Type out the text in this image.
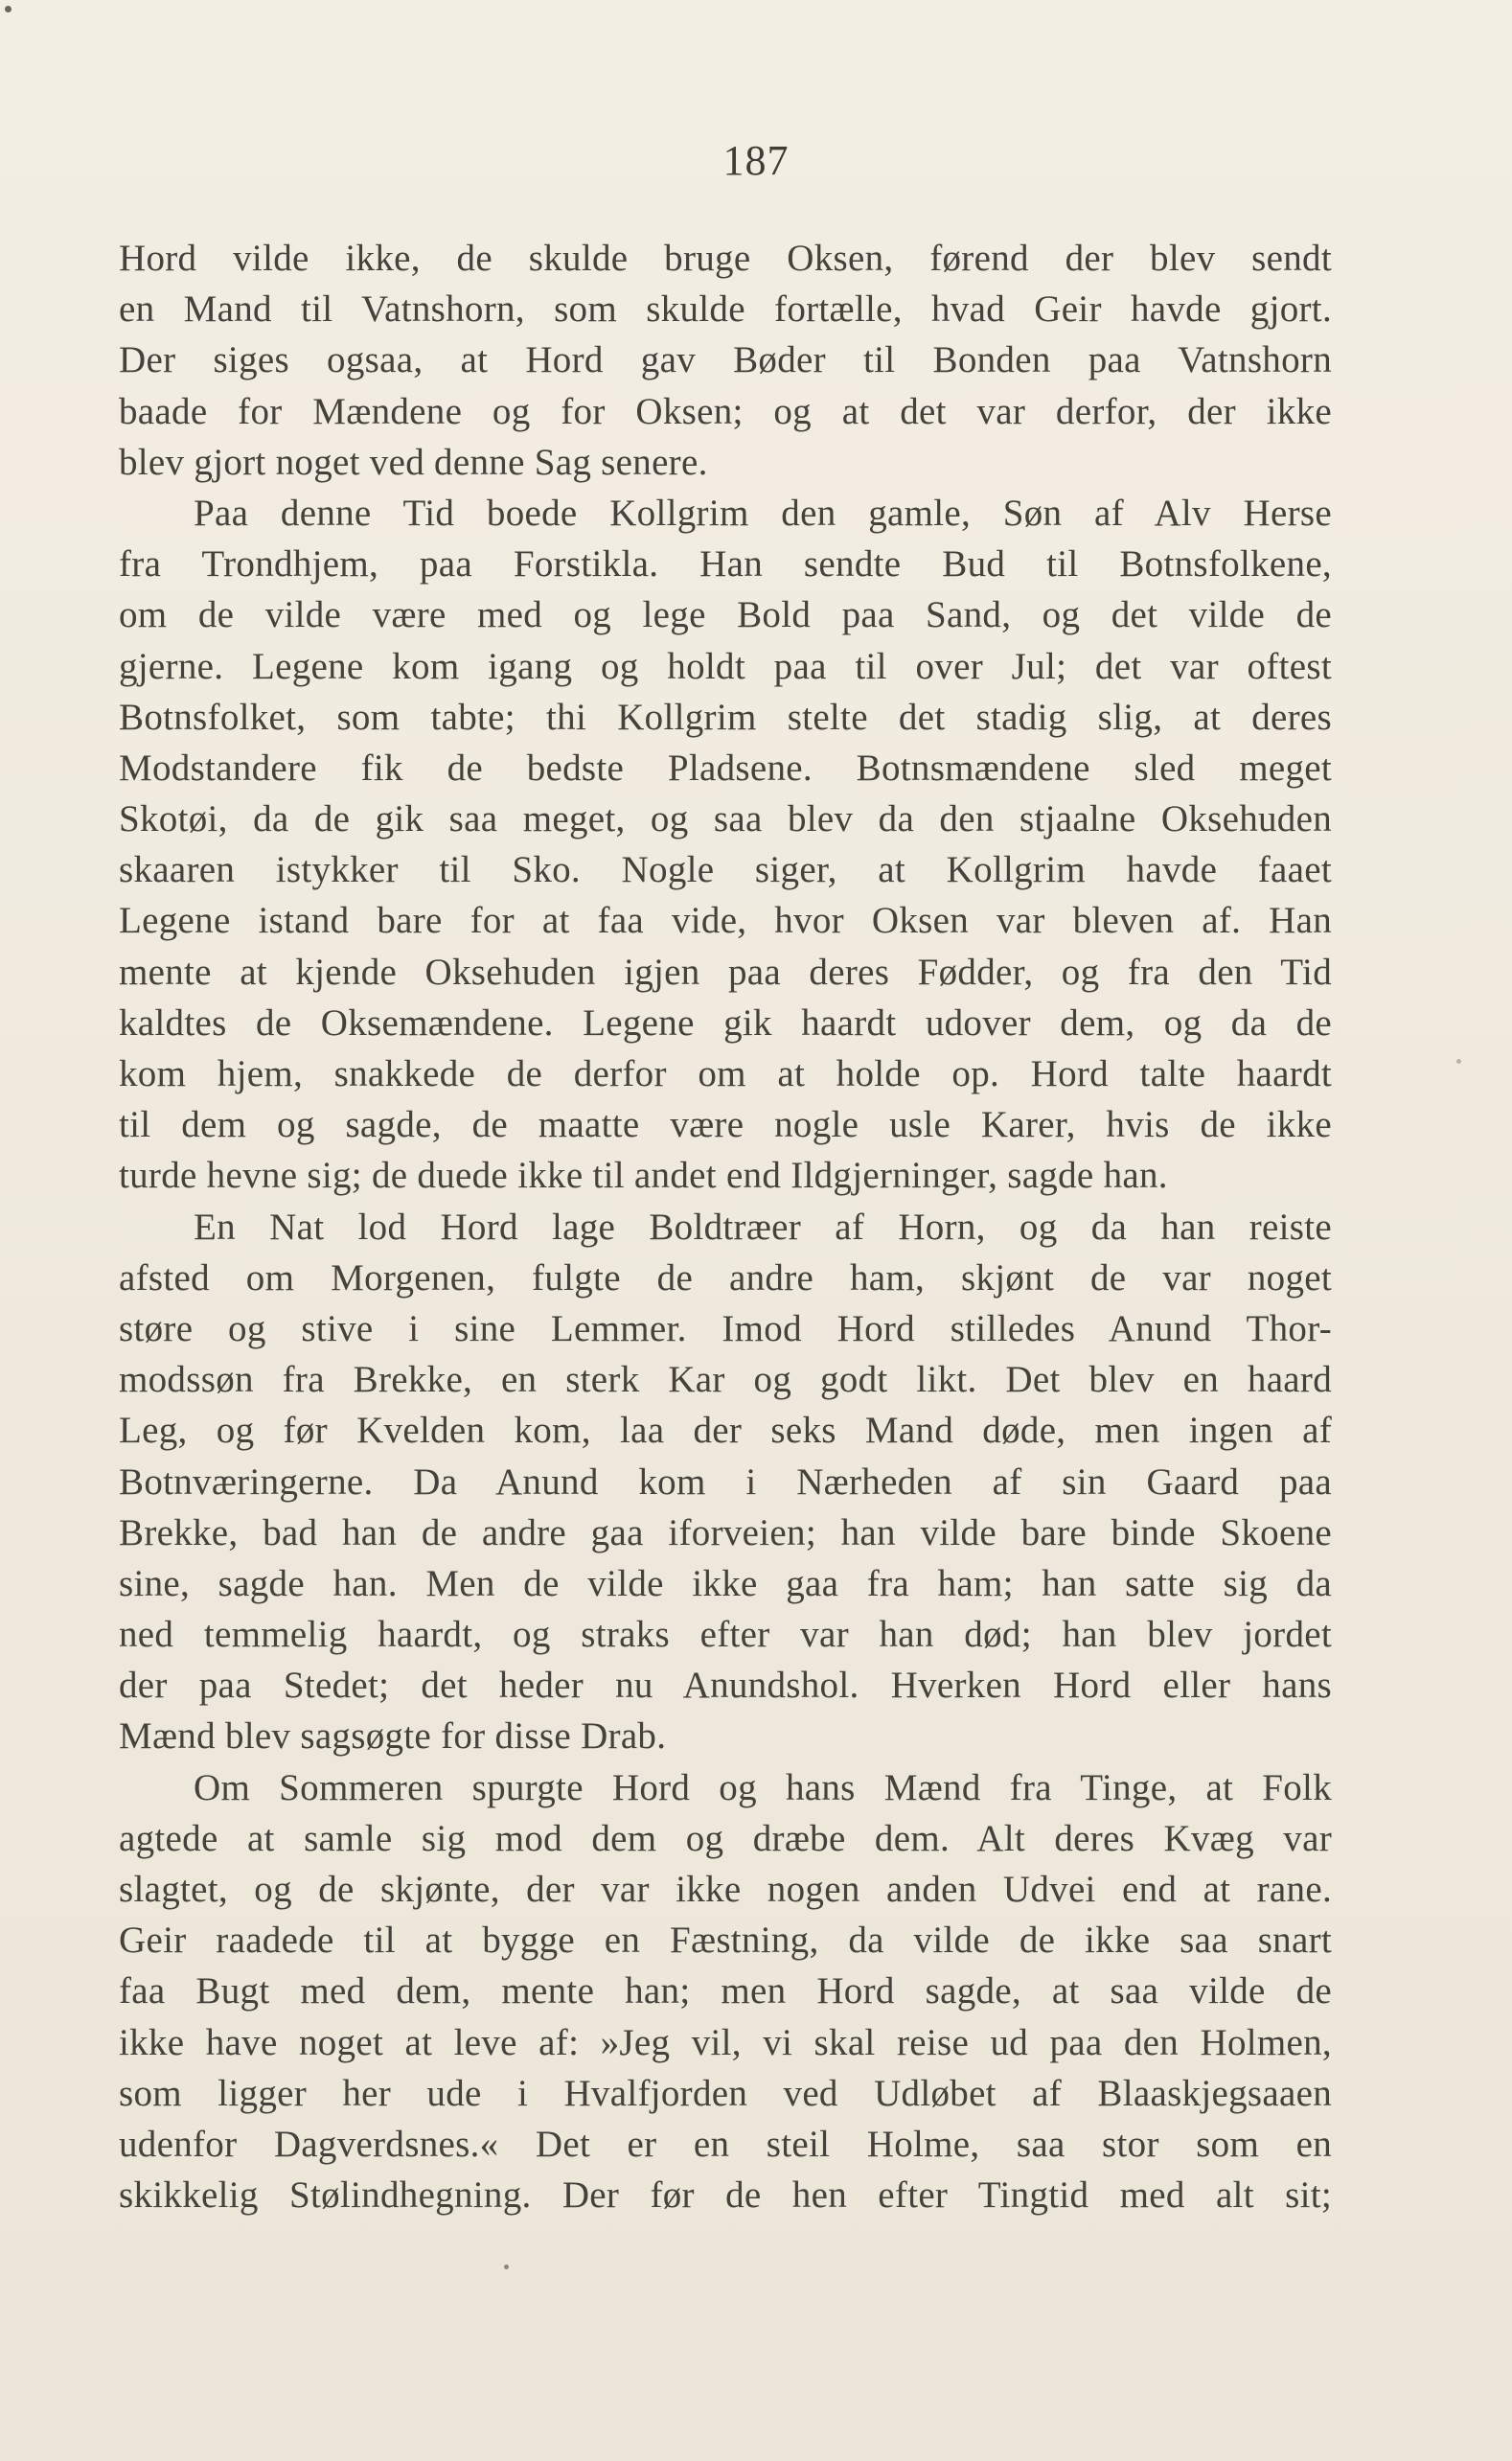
187
Hord vilde ikke, de skulde bruge Oksen, førend der blev sendt
en Mand til Vatnshorn, som skulde fortælle, hvad Geir havde gjort.
Der siges ogsaa, at Hord gav Bøder til Bonden paa Vatnshorn
baade for Mændene og for Oksen; og at det var derfor, der ikke
blev gjort noget ved denne Sag senere.
Paa denne Tid boede Kollgrim den gamle, Søn af Alv Herse
fra Trondhjem, paa Forstikla. Han sendte Bud til Botnsfolkene,
om de vilde være med og lege Bold paa Sand, og det vilde de
gjerne. Legene kom igang og holdt paa til over Jul; det var oftest
Botnsfolket, som tabte; thi Kollgrim stelte det stadig slig, at deres
Modstandere fik de bedste Pladsene. Botnsmændene sled meget
Skotøi, da de gik saa meget, og saa blev da den stjaalne Oksehuden
skaaren istykker til Sko. Nogle siger, at Kollgrim havde faaet
Legene istand bare for at faa vide, hvor Oksen var bleven af. Han
mente at kjende Oksehuden igjen paa deres Fødder, og fra den Tid
kaldtes de Oksemændene. Legene gik haardt udover dem, og da de
kom hjem, snakkede de derfor om at holde op. Hord talte haardt
til dem og sagde, de maatte være nogle usle Karer, hvis de ikke
turde hevne sig; de duede ikke til andet end Ildgjerninger, sagde han.
En Nat lod Hord lage Boldtræer af Horn, og da han reiste
afsted om Morgenen, fulgte de andre ham, skjønt de var noget
støre og stive i sine Lemmer. Imod Hord stilledes Anund Thor-
modssøn fra Brekke, en sterk Kar og godt likt. Det blev en haard
Leg, og før Kvelden kom, laa der seks Mand døde, men ingen af
Botnværingerne. Da Anund kom i Nærheden af sin Gaard paa
Brekke, bad han de andre gaa iforveien; han vilde bare binde Skoene
sine, sagde han. Men de vilde ikke gaa fra ham; han satte sig da
ned temmelig haardt, og straks efter var han død; han blev jordet
der paa Stedet; det heder nu Anundshol. Hverken Hord eller hans
Mænd blev sagsøgte for disse Drab.
Om Sommeren spurgte Hord og hans Mænd fra Tinge, at Folk
agtede at samle sig mod dem og dræbe dem. Alt deres Kvæg var
slagtet, og de skjønte, der var ikke nogen anden Udvei end at rane.
Geir raadede til at bygge en Fæstning, da vilde de ikke saa snart
faa Bugt med dem, mente han; men Hord sagde, at saa vilde de
ikke have noget at leve af: »Jeg vil, vi skal reise ud paa den Holmen,
som ligger her ude i Hvalfjorden ved Udløbet af Blaaskjegsaaen
udenfor Dagverdsnes.« Det er en steil Holme, saa stor som en
skikkelig Stølindhegning. Der før de hen efter Tingtid med alt sit;
